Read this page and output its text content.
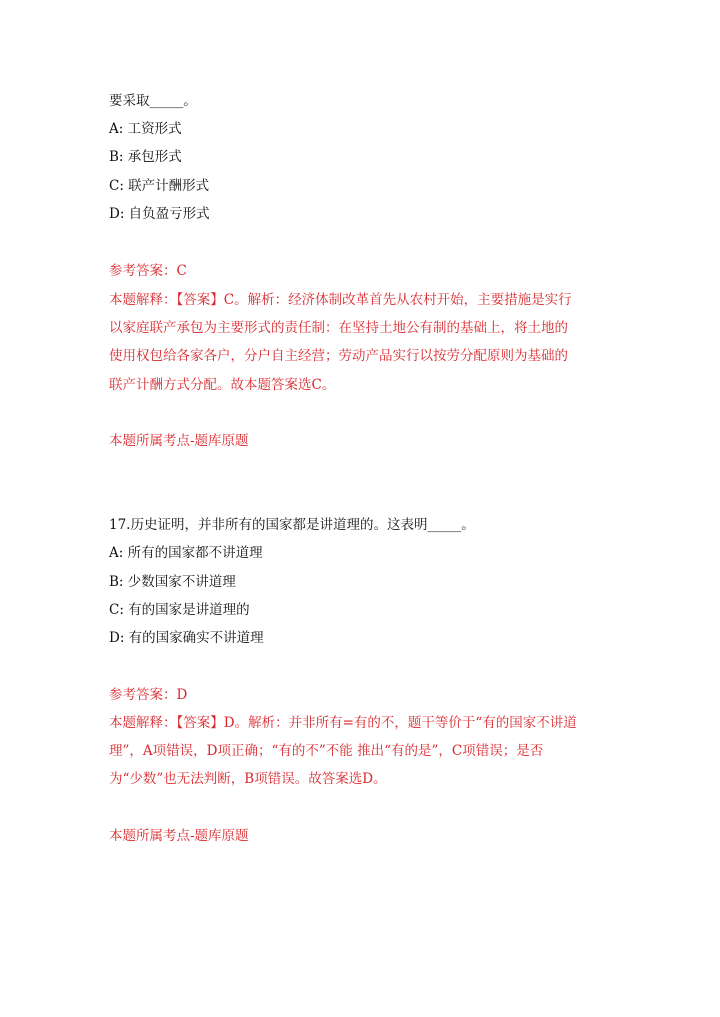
要采取_____。
A: 工资形式
B: 承包形式
C: 联产计酬形式
D: 自负盈亏形式
参考答案：C
本题解释：【答案】C。解析：经济体制改革首先从农村开始，主要措施是实行
以家庭联产承包为主要形式的责任制：在坚持土地公有制的基础上，将土地的
使用权包给各家各户，分户自主经营；劳动产品实行以按劳分配原则为基础的
联产计酬方式分配。故本题答案选C。
本题所属考点-题库原题
17.历史证明，并非所有的国家都是讲道理的。这表明_____。
A: 所有的国家都不讲道理
B: 少数国家不讲道理
C: 有的国家是讲道理的
D: 有的国家确实不讲道理
参考答案：D
本题解释：【答案】D。解析：并非所有=有的不，题干等价于“有的国家不讲道
理”，A项错误，D项正确；“有的不”不能 推出“有的是”，C项错误；是否
为“少数”也无法判断，B项错误。故答案选D。
本题所属考点-题库原题
